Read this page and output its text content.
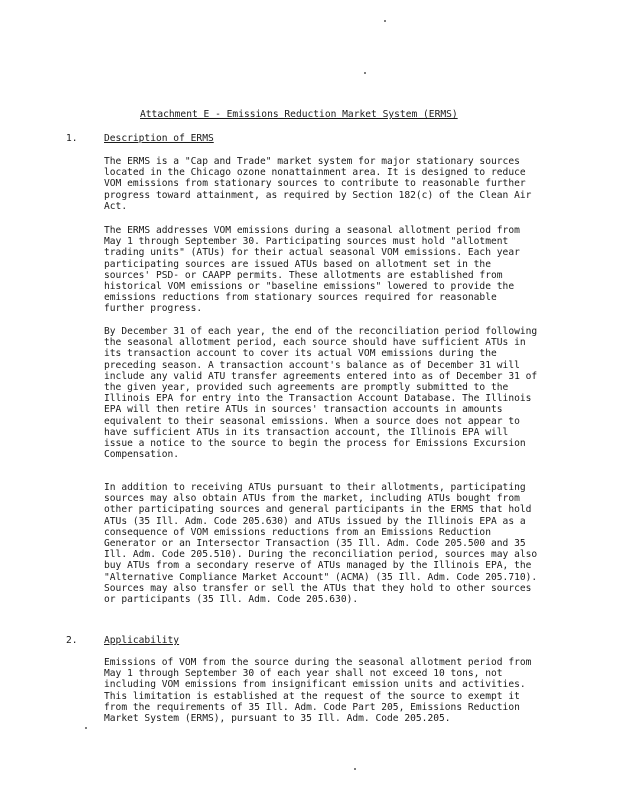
Attachment E - Emissions Reduction Market System (ERMS)
1.	Description of ERMS

The ERMS is a "Cap and Trade" market system for major stationary sources located in the Chicago ozone nonattainment area. It is designed to reduce VOM emissions from stationary sources to contribute to reasonable further progress toward attainment, as required by Section 182(c) of the Clean Air Act.

The ERMS addresses VOM emissions during a seasonal allotment period from May 1 through September 30. Participating sources must hold "allotment trading units" (ATUs) for their actual seasonal VOM emissions. Each year participating sources are issued ATUs based on allotment set in the sources' PSD- or CAAPP permits. These allotments are established from historical VOM emissions or "baseline emissions" lowered to provide the emissions reductions from stationary sources required for reasonable further progress.

By December 31 of each year, the end of the reconciliation period following the seasonal allotment period, each source should have sufficient ATUs in its transaction account to cover its actual VOM emissions during the preceding season. A transaction account's balance as of December 31 will include any valid ATU transfer agreements entered into as of December 31 of the given year, provided such agreements are promptly submitted to the Illinois EPA for entry into the Transaction Account Database. The Illinois EPA will then retire ATUs in sources' transaction accounts in amounts equivalent to their seasonal emissions. When a source does not appear to have sufficient ATUs in its transaction account, the Illinois EPA will issue a notice to the source to begin the process for Emissions Excursion Compensation.

In addition to receiving ATUs pursuant to their allotments, participating sources may also obtain ATUs from the market, including ATUs bought from other participating sources and general participants in the ERMS that hold ATUs (35 Ill. Adm. Code 205.630) and ATUs issued by the Illinois EPA as a consequence of VOM emissions reductions from an Emissions Reduction Generator or an Intersector Transaction (35 Ill. Adm. Code 205.500 and 35 Ill. Adm. Code 205.510). During the reconciliation period, sources may also buy ATUs from a secondary reserve of ATUs managed by the Illinois EPA, the "Alternative Compliance Market Account" (ACMA) (35 Ill. Adm. Code 205.710). Sources may also transfer or sell the ATUs that they hold to other sources or participants (35 Ill. Adm. Code 205.630).

2.	Applicability

Emissions of VOM from the source during the seasonal allotment period from May 1 through September 30 of each year shall not exceed 10 tons, not including VOM emissions from insignificant emission units and activities. This limitation is established at the request of the source to exempt it from the requirements of 35 Ill. Adm. Code Part 205, Emissions Reduction Market System (ERMS), pursuant to 35 Ill. Adm. Code 205.205.
